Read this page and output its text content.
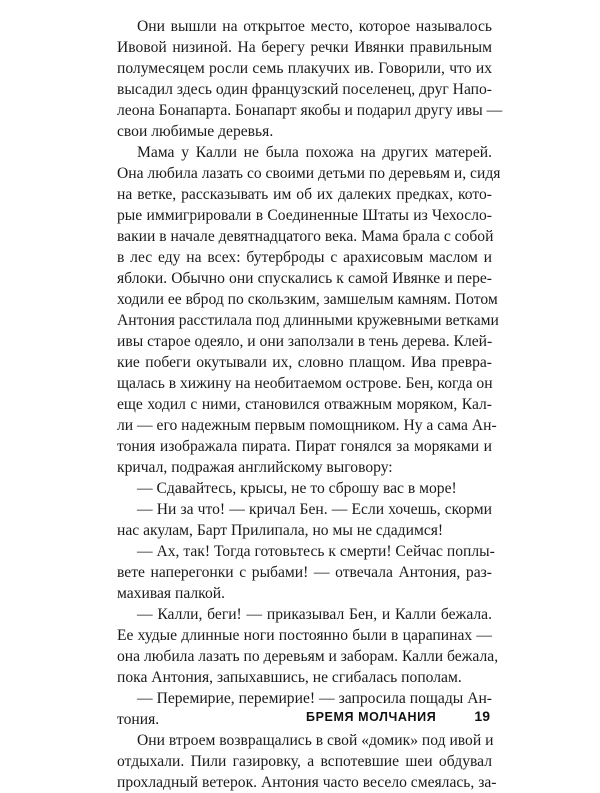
Они вышли на открытое место, которое называлось
Ивовой низиной. На берегу речки Ивянки правильным
полумесяцем росли семь плакучих ив. Говорили, что их
высадил здесь один французский поселенец, друг Напо-
леона Бонапарта. Бонапарт якобы и подарил другу ивы —
свои любимые деревья.
Мама у Калли не была похожа на других матерей.
Она любила лазать со своими детьми по деревьям и, сидя
на ветке, рассказывать им об их далеких предках, кото-
рые иммигрировали в Соединенные Штаты из Чехосло-
вакии в начале девятнадцатого века. Мама брала с собой
в лес еду на всех: бутерброды с арахисовым маслом и
яблоки. Обычно они спускались к самой Ивянке и пере-
ходили ее вброд по скользким, замшелым камням. Потом
Антония расстилала под длинными кружевными ветками
ивы старое одеяло, и они заползали в тень дерева. Клей-
кие побеги окутывали их, словно плащом. Ива превра-
щалась в хижину на необитаемом острове. Бен, когда он
еще ходил с ними, становился отважным моряком, Кал-
ли — его надежным первым помощником. Ну а сама Ан-
тония изображала пирата. Пират гонялся за моряками и
кричал, подражая английскому выговору:
— Сдавайтесь, крысы, не то сброшу вас в море!
— Ни за что! — кричал Бен. — Если хочешь, скорми
нас акулам, Барт Прилипала, но мы не сдадимся!
— Ах, так! Тогда готовьтесь к смерти! Сейчас поплы-
вете наперегонки с рыбами! — отвечала Антония, раз-
махивая палкой.
— Калли, беги! — приказывал Бен, и Калли бежала.
Ее худые длинные ноги постоянно были в царапинах —
она любила лазать по деревьям и заборам. Калли бежала,
пока Антония, запыхавшись, не сгибалась пополам.
— Перемирие, перемирие! — запросила пощады Ан-
тония.
Они втроем возвращались в свой «домик» под ивой и
отдыхали. Пили газировку, а вспотевшие шеи обдувал
прохладный ветерок. Антония часто весело смеялась, за-
БРЕМЯ МОЛЧАНИЯ	19
